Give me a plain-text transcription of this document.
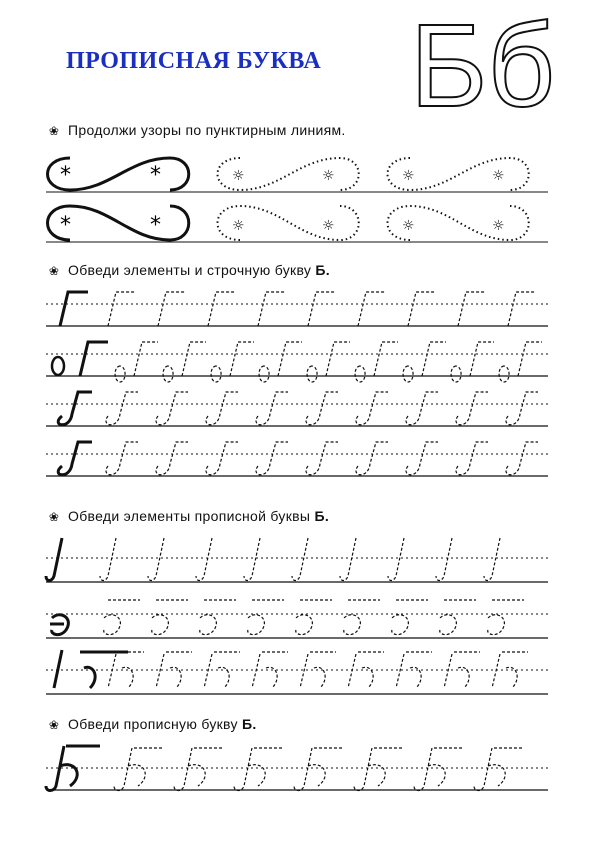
ПРОПИСНАЯ БУКВА Бб
❀ Продолжи узоры по пунктирным линиям.
*	*	☼	☼	☼	☼
*	*	☼	☼	☼	☼
❀ Обведи элементы и строчную букву Б.
❀ Обведи элементы прописной буквы Б.
❀ Обведи прописную букву Б.
